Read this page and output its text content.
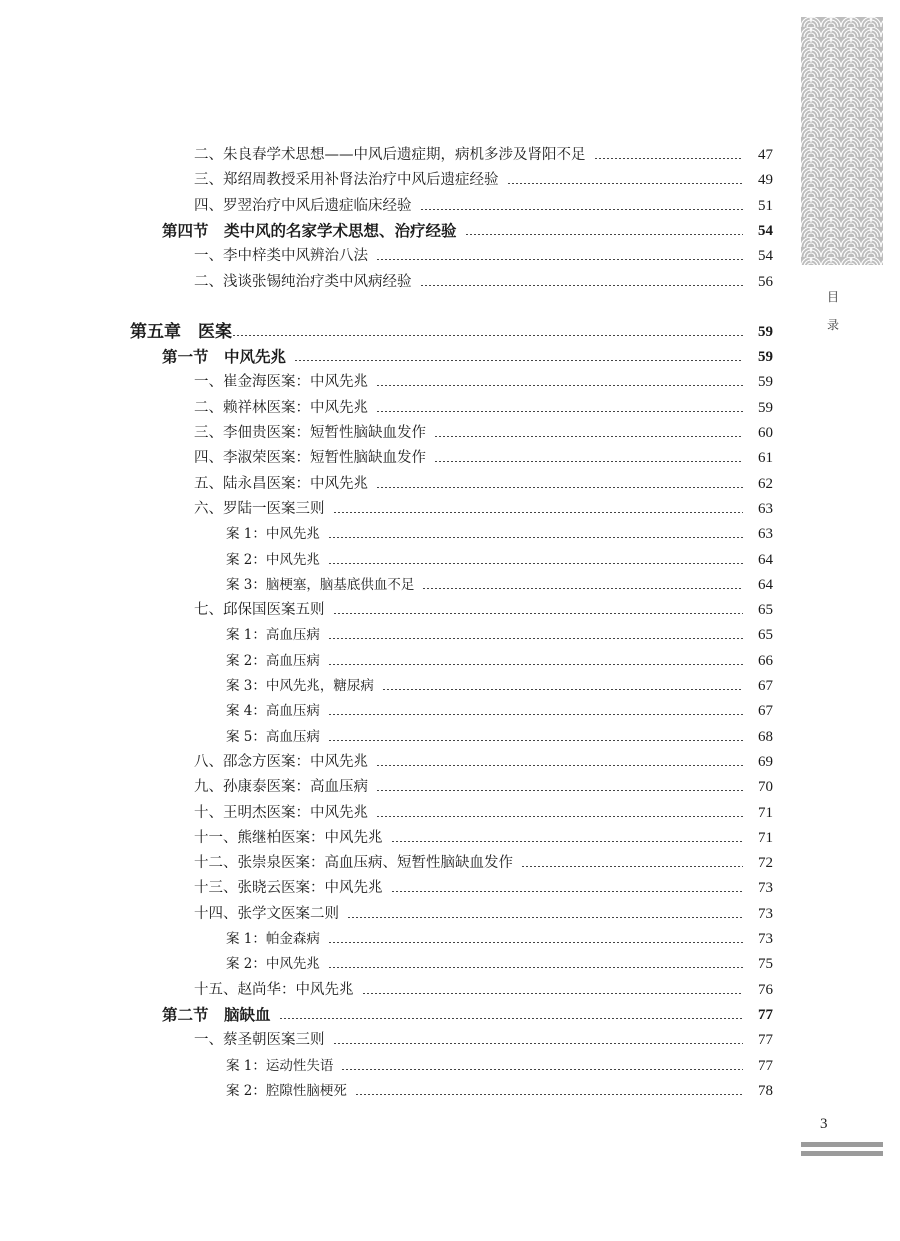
目
录
二、朱良春学术思想——中风后遗症期，病机多涉及肾阳不足	47
三、郑绍周教授采用补肾法治疗中风后遗症经验	49
四、罗翌治疗中风后遗症临床经验	51
第四节　类中风的名家学术思想、治疗经验	54
一、李中梓类中风辨治八法	54
二、浅谈张锡纯治疗类中风病经验	56
第五章　医案	59
第一节　中风先兆	59
一、崔金海医案：中风先兆	59
二、赖祥林医案：中风先兆	59
三、李佃贵医案：短暂性脑缺血发作	60
四、李淑荣医案：短暂性脑缺血发作	61
五、陆永昌医案：中风先兆	62
六、罗陆一医案三则	63
案 1：中风先兆	63
案 2：中风先兆	64
案 3：脑梗塞，脑基底供血不足	64
七、邱保国医案五则	65
案 1：高血压病	65
案 2：高血压病	66
案 3：中风先兆，糖尿病	67
案 4：高血压病	67
案 5：高血压病	68
八、邵念方医案：中风先兆	69
九、孙康泰医案：高血压病	70
十、王明杰医案：中风先兆	71
十一、熊继柏医案：中风先兆	71
十二、张崇泉医案：高血压病、短暂性脑缺血发作	72
十三、张晓云医案：中风先兆	73
十四、张学文医案二则	73
案 1：帕金森病	73
案 2：中风先兆	75
十五、赵尚华：中风先兆	76
第二节　脑缺血	77
一、蔡圣朝医案三则	77
案 1：运动性失语	77
案 2：腔隙性脑梗死	78
3
